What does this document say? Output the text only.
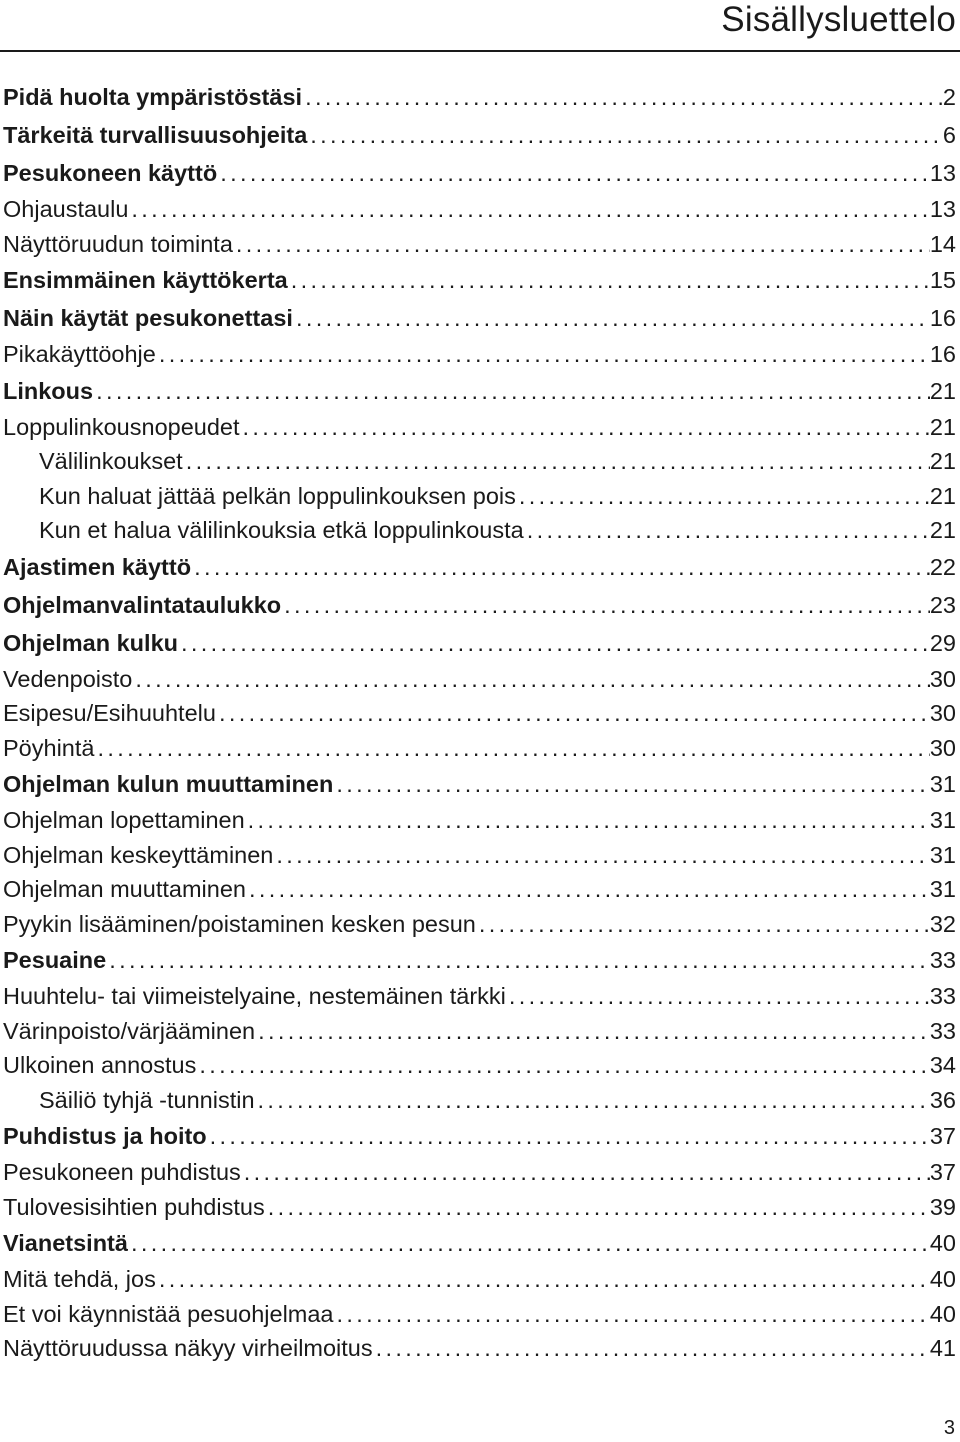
Sisällysluettelo
Pidä huolta ympäristöstäsi .....	2
Tärkeitä turvallisuusohjeita .....	6
Pesukoneen käyttö .....	13
Ohjaustaulu .....	13
Näyttöruudun toiminta .....	14
Ensimmäinen käyttökerta .....	15
Näin käytät pesukonettasi .....	16
Pikakäyttöohje .....	16
Linkous .....	21
Loppulinkousnopeudet .....	21
Välilinkoukset .....	21
Kun haluat jättää pelkän loppulinkouksen pois .....	21
Kun et halua välilinkouksia etkä loppulinkousta .....	21
Ajastimen käyttö .....	22
Ohjelmanvalintataulukko .....	23
Ohjelman kulku .....	29
Vedenpoisto .....	30
Esipesu/Esihuuhtelu .....	30
Pöyhintä .....	30
Ohjelman kulun muuttaminen .....	31
Ohjelman lopettaminen .....	31
Ohjelman keskeyttäminen .....	31
Ohjelman muuttaminen .....	31
Pyykin lisääminen/poistaminen kesken pesun .....	32
Pesuaine .....	33
Huuhtelu- tai viimeistelyaine, nestemäinen tärkki .....	33
Värinpoisto/värjääminen .....	33
Ulkoinen annostus .....	34
Säiliö tyhjä -tunnistin .....	36
Puhdistus ja hoito .....	37
Pesukoneen puhdistus .....	37
Tulovesisihtien puhdistus .....	39
Vianetsintä .....	40
Mitä tehdä, jos .....	40
Et voi käynnistää pesuohjelmaa .....	40
Näyttöruudussa näkyy virheilmoitus .....	41
3
